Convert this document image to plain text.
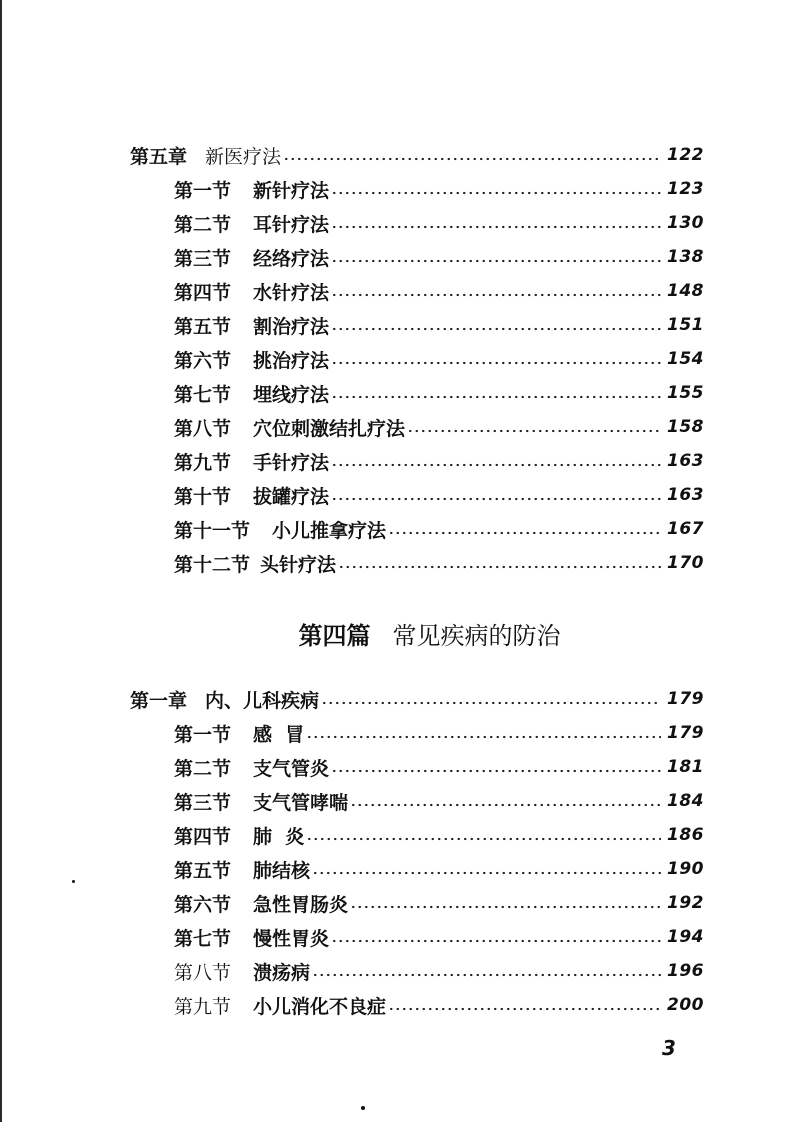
第五章 新医疗法	122
第一节 新针疗法	123
第二节 耳针疗法	130
第三节 经络疗法	138
第四节 水针疗法	148
第五节 割治疗法	151
第六节 挑治疗法	154
第七节 埋线疗法	155
第八节 穴位刺激结扎疗法	158
第九节 手针疗法	163
第十节 拔罐疗法	163
第十一节 小儿推拿疗法	167
第十二节 头针疗法	170
第四篇 常见疾病的防治
第一章 内、儿科疾病	179
第一节 感  冒	179
第二节 支气管炎	181
第三节 支气管哮喘	184
第四节 肺  炎	186
第五节 肺结核	190
第六节 急性胃肠炎	192
第七节 慢性胃炎	194
第八节 溃疡病	196
第九节 小儿消化不良症	200
3
